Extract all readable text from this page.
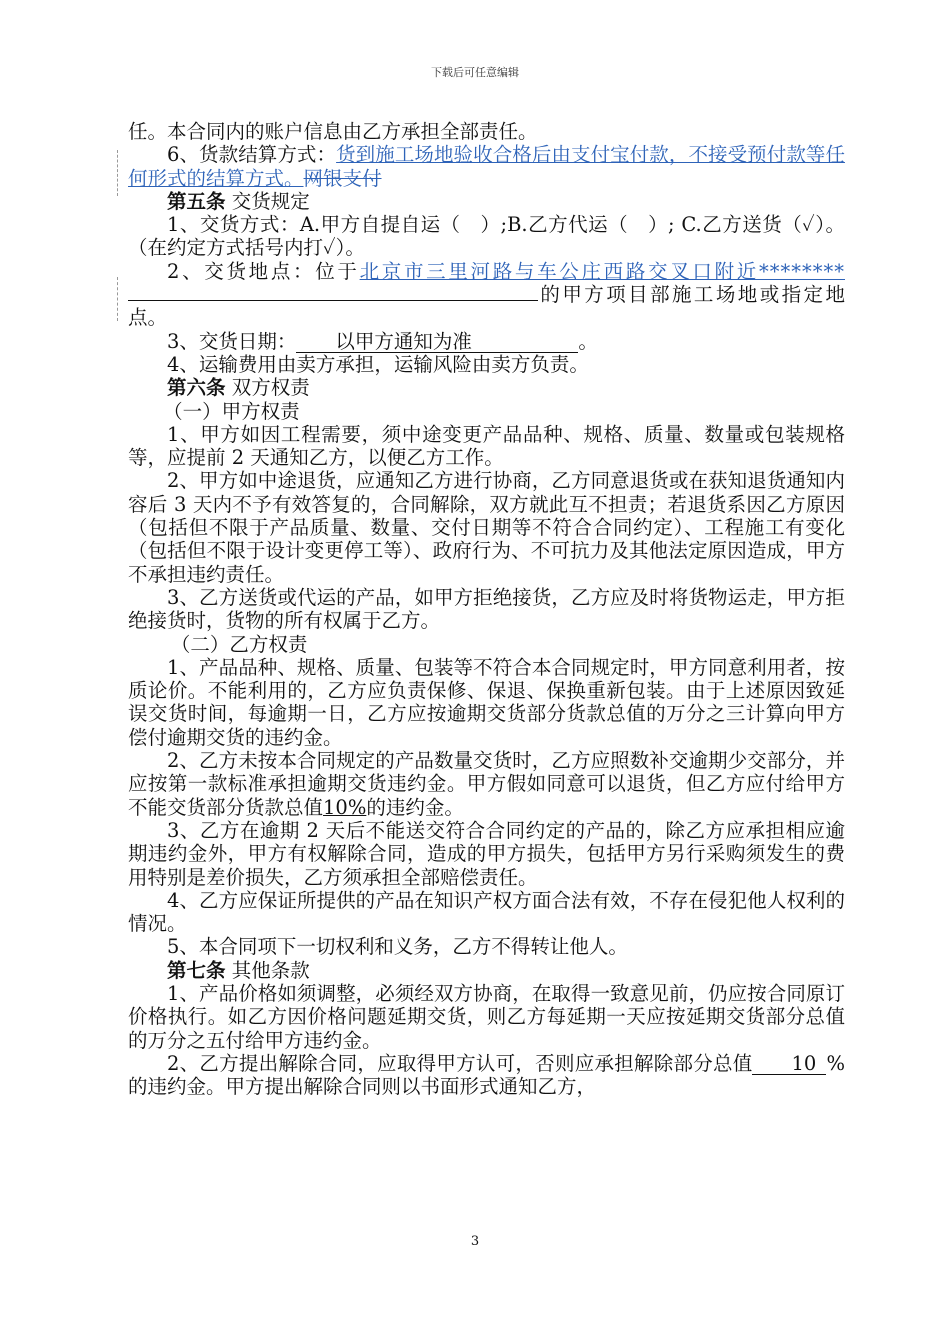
下载后可任意编辑

任。本合同内的账户信息由乙方承担全部责任。

6、货款结算方式：货到施工场地验收合格后由支付宝付款，不接受预付款等任何形式的结算方式。网银支付

第五条 交货规定

1、交货方式：A.甲方自提自运（　）;B.乙方代运（　）; C.乙方送货（✓）。（在约定方式括号内打✓）。

2、交货地点：位于北京市三里河路与车公庄西路交叉口附近********的甲方项目部施工场地或指定地点。

3、交货日期： 以甲方通知为准	。

4、运输费用由卖方承担，运输风险由卖方负责。

第六条 双方权责

（一）甲方权责

1、甲方如因工程需要，须中途变更产品品种、规格、质量、数量或包装规格等，应提前 2 天通知乙方，以便乙方工作。

2、甲方如中途退货，应通知乙方进行协商，乙方同意退货或在获知退货通知内容后 3 天内不予有效答复的，合同解除，双方就此互不担责；若退货系因乙方原因（包括但不限于产品质量、数量、交付日期等不符合合同约定）、工程施工有变化（包括但不限于设计变更停工等）、政府行为、不可抗力及其他法定原因造成，甲方不承担违约责任。

3、乙方送货或代运的产品，如甲方拒绝接货，乙方应及时将货物运走，甲方拒绝接货时，货物的所有权属于乙方。

（二）乙方权责

1、产品品种、规格、质量、包装等不符合本合同规定时，甲方同意利用者，按质论价。不能利用的，乙方应负责保修、保退、保换重新包装。由于上述原因致延误交货时间，每逾期一日，乙方应按逾期交货部分货款总值的万分之三计算向甲方偿付逾期交货的违约金。

2、乙方未按本合同规定的产品数量交货时，乙方应照数补交逾期少交部分，并应按第一款标准承担逾期交货违约金。甲方假如同意可以退货，但乙方应付给甲方不能交货部分货款总值10%的违约金。

3、乙方在逾期 2 天后不能送交符合合同约定的产品的，除乙方应承担相应逾期违约金外，甲方有权解除合同，造成的甲方损失，包括甲方另行采购须发生的费用特别是差价损失，乙方须承担全部赔偿责任。

4、乙方应保证所提供的产品在知识产权方面合法有效，不存在侵犯他人权利的情况。

5、本合同项下一切权利和义务，乙方不得转让他人。

第七条 其他条款

1、产品价格如须调整，必须经双方协商，在取得一致意见前，仍应按合同原订价格执行。如乙方因价格问题延期交货，则乙方每延期一天应按延期交货部分总值的万分之五付给甲方违约金。

2、乙方提出解除合同，应取得甲方认可，否则应承担解除部分总值 10 %的违约金。甲方提出解除合同则以书面形式通知乙方，

3
